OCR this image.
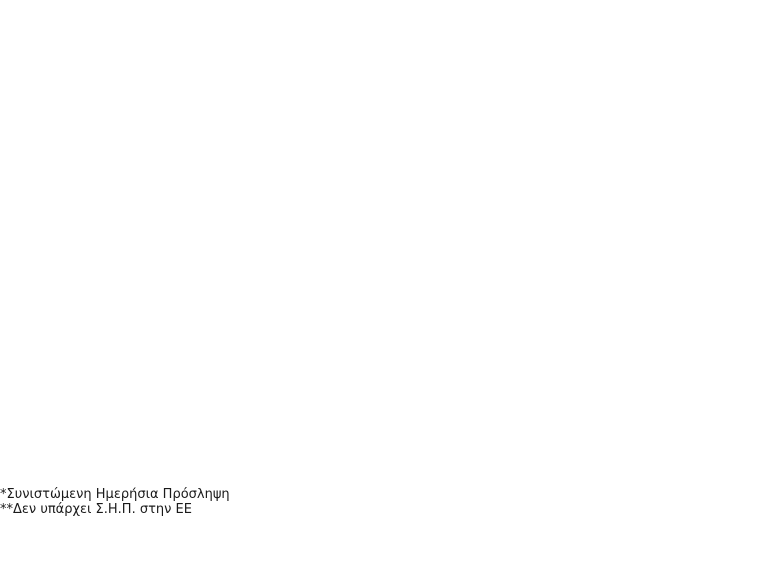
*Συνιστώμενη Ημερήσια Πρόσληψη
**Δεν υπάρχει Σ.Η.Π. στην ΕΕ
